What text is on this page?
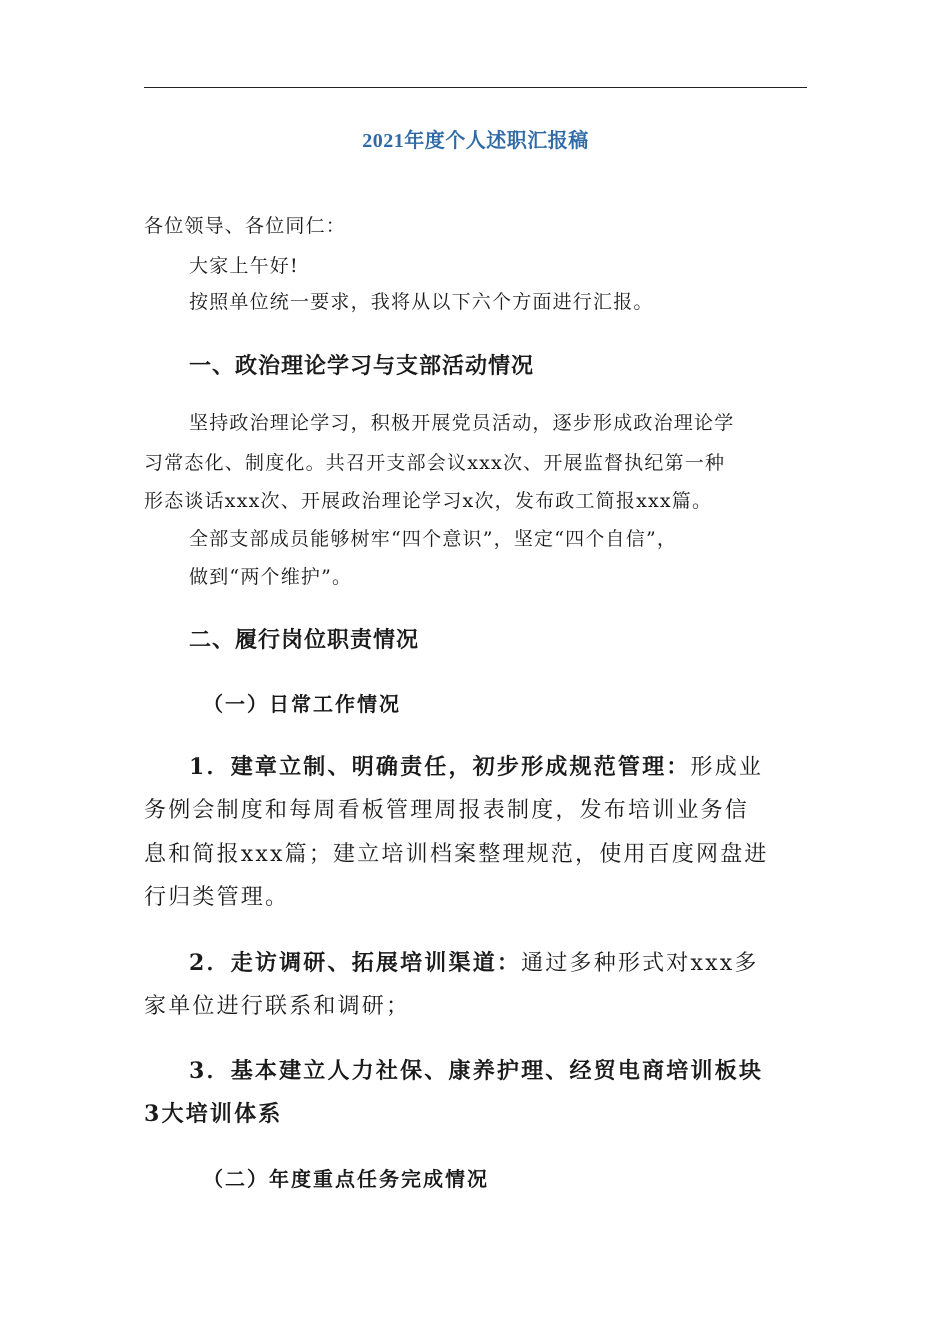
2021年度个人述职汇报稿
各位领导、各位同仁：
大家上午好!
按照单位统一要求，我将从以下六个方面进行汇报。
一、政治理论学习与支部活动情况
坚持政治理论学习，积极开展党员活动，逐步形成政治理论学
习常态化、制度化。共召开支部会议xxx次、开展监督执纪第一种
形态谈话xxx次、开展政治理论学习x次，发布政工简报xxx篇。
全部支部成员能够树牢“四个意识”，坚定“四个自信”，
做到“两个维护”。
二、履行岗位职责情况
（一）日常工作情况
1．建章立制、明确责任，初步形成规范管理：形成业
务例会制度和每周看板管理周报表制度，发布培训业务信
息和简报xxx篇；建立培训档案整理规范，使用百度网盘进
行归类管理。
2．走访调研、拓展培训渠道：通过多种形式对xxx多
家单位进行联系和调研；
3．基本建立人力社保、康养护理、经贸电商培训板块
3大培训体系
（二）年度重点任务完成情况
